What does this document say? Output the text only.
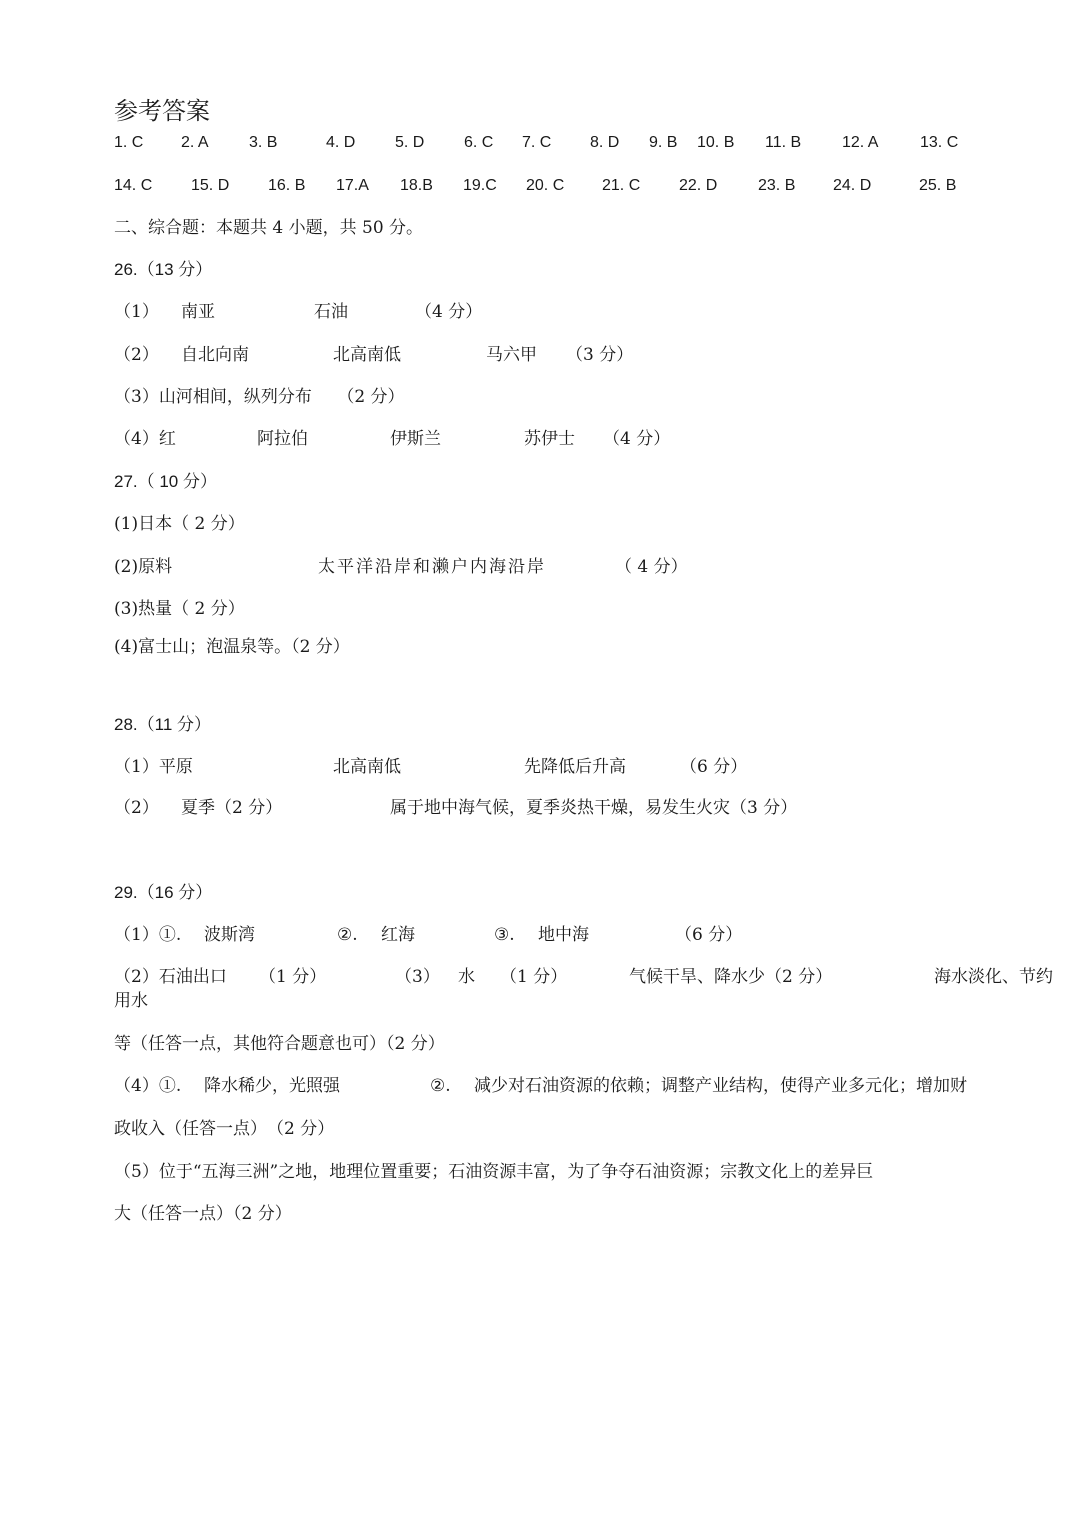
参考答案
1. C 2. A	3. B	4. D 5. D 6. C 7. C 8. D 9. B 10. B 11. B	12. A	13. C
14. C 15. D 16. B 17.A 18.B 19.C 20. C 21. C 22. D	23. B 24. D	25. B
二、综合题：本题共 4 小题，共 50 分。
26.（13 分）
（1） 南亚	石油	（4 分）
（2） 自北向南	北高南低	马六甲 （3 分）
（3）山河相间，纵列分布　　（2 分）
（4）红	阿拉伯	伊斯兰	苏伊士 （4 分）
27.（ 10 分）
(1)日本（ 2 分）
(2)原料	太平洋沿岸和濑户内海沿岸	（ 4 分）
(3)热量（ 2 分）
(4)富士山；泡温泉等。（2 分）
28.（11 分）
（1）平原	北高南低	先降低后升高	（6 分）
（2） 夏季（2 分）	属于地中海气候，夏季炎热干燥，易发生火灾（3 分）
29.（16 分）
（1）①. 波斯湾	②. 红海	③. 地中海	（6 分）
（2）石油出口 （1 分）	（3） 水 （1 分）	气候干旱、降水少（2 分）	海水淡化、节约
用水
等（任答一点，其他符合题意也可）（2 分）
（4）①. 降水稀少，光照强	②. 减少对石油资源的依赖；调整产业结构，使得产业多元化；增加财
政收入（任答一点）　（2 分）
（5）位于“五海三洲”之地，地理位置重要；石油资源丰富，为了争夺石油资源；宗教文化上的差异巨
大（任答一点）（2 分）
